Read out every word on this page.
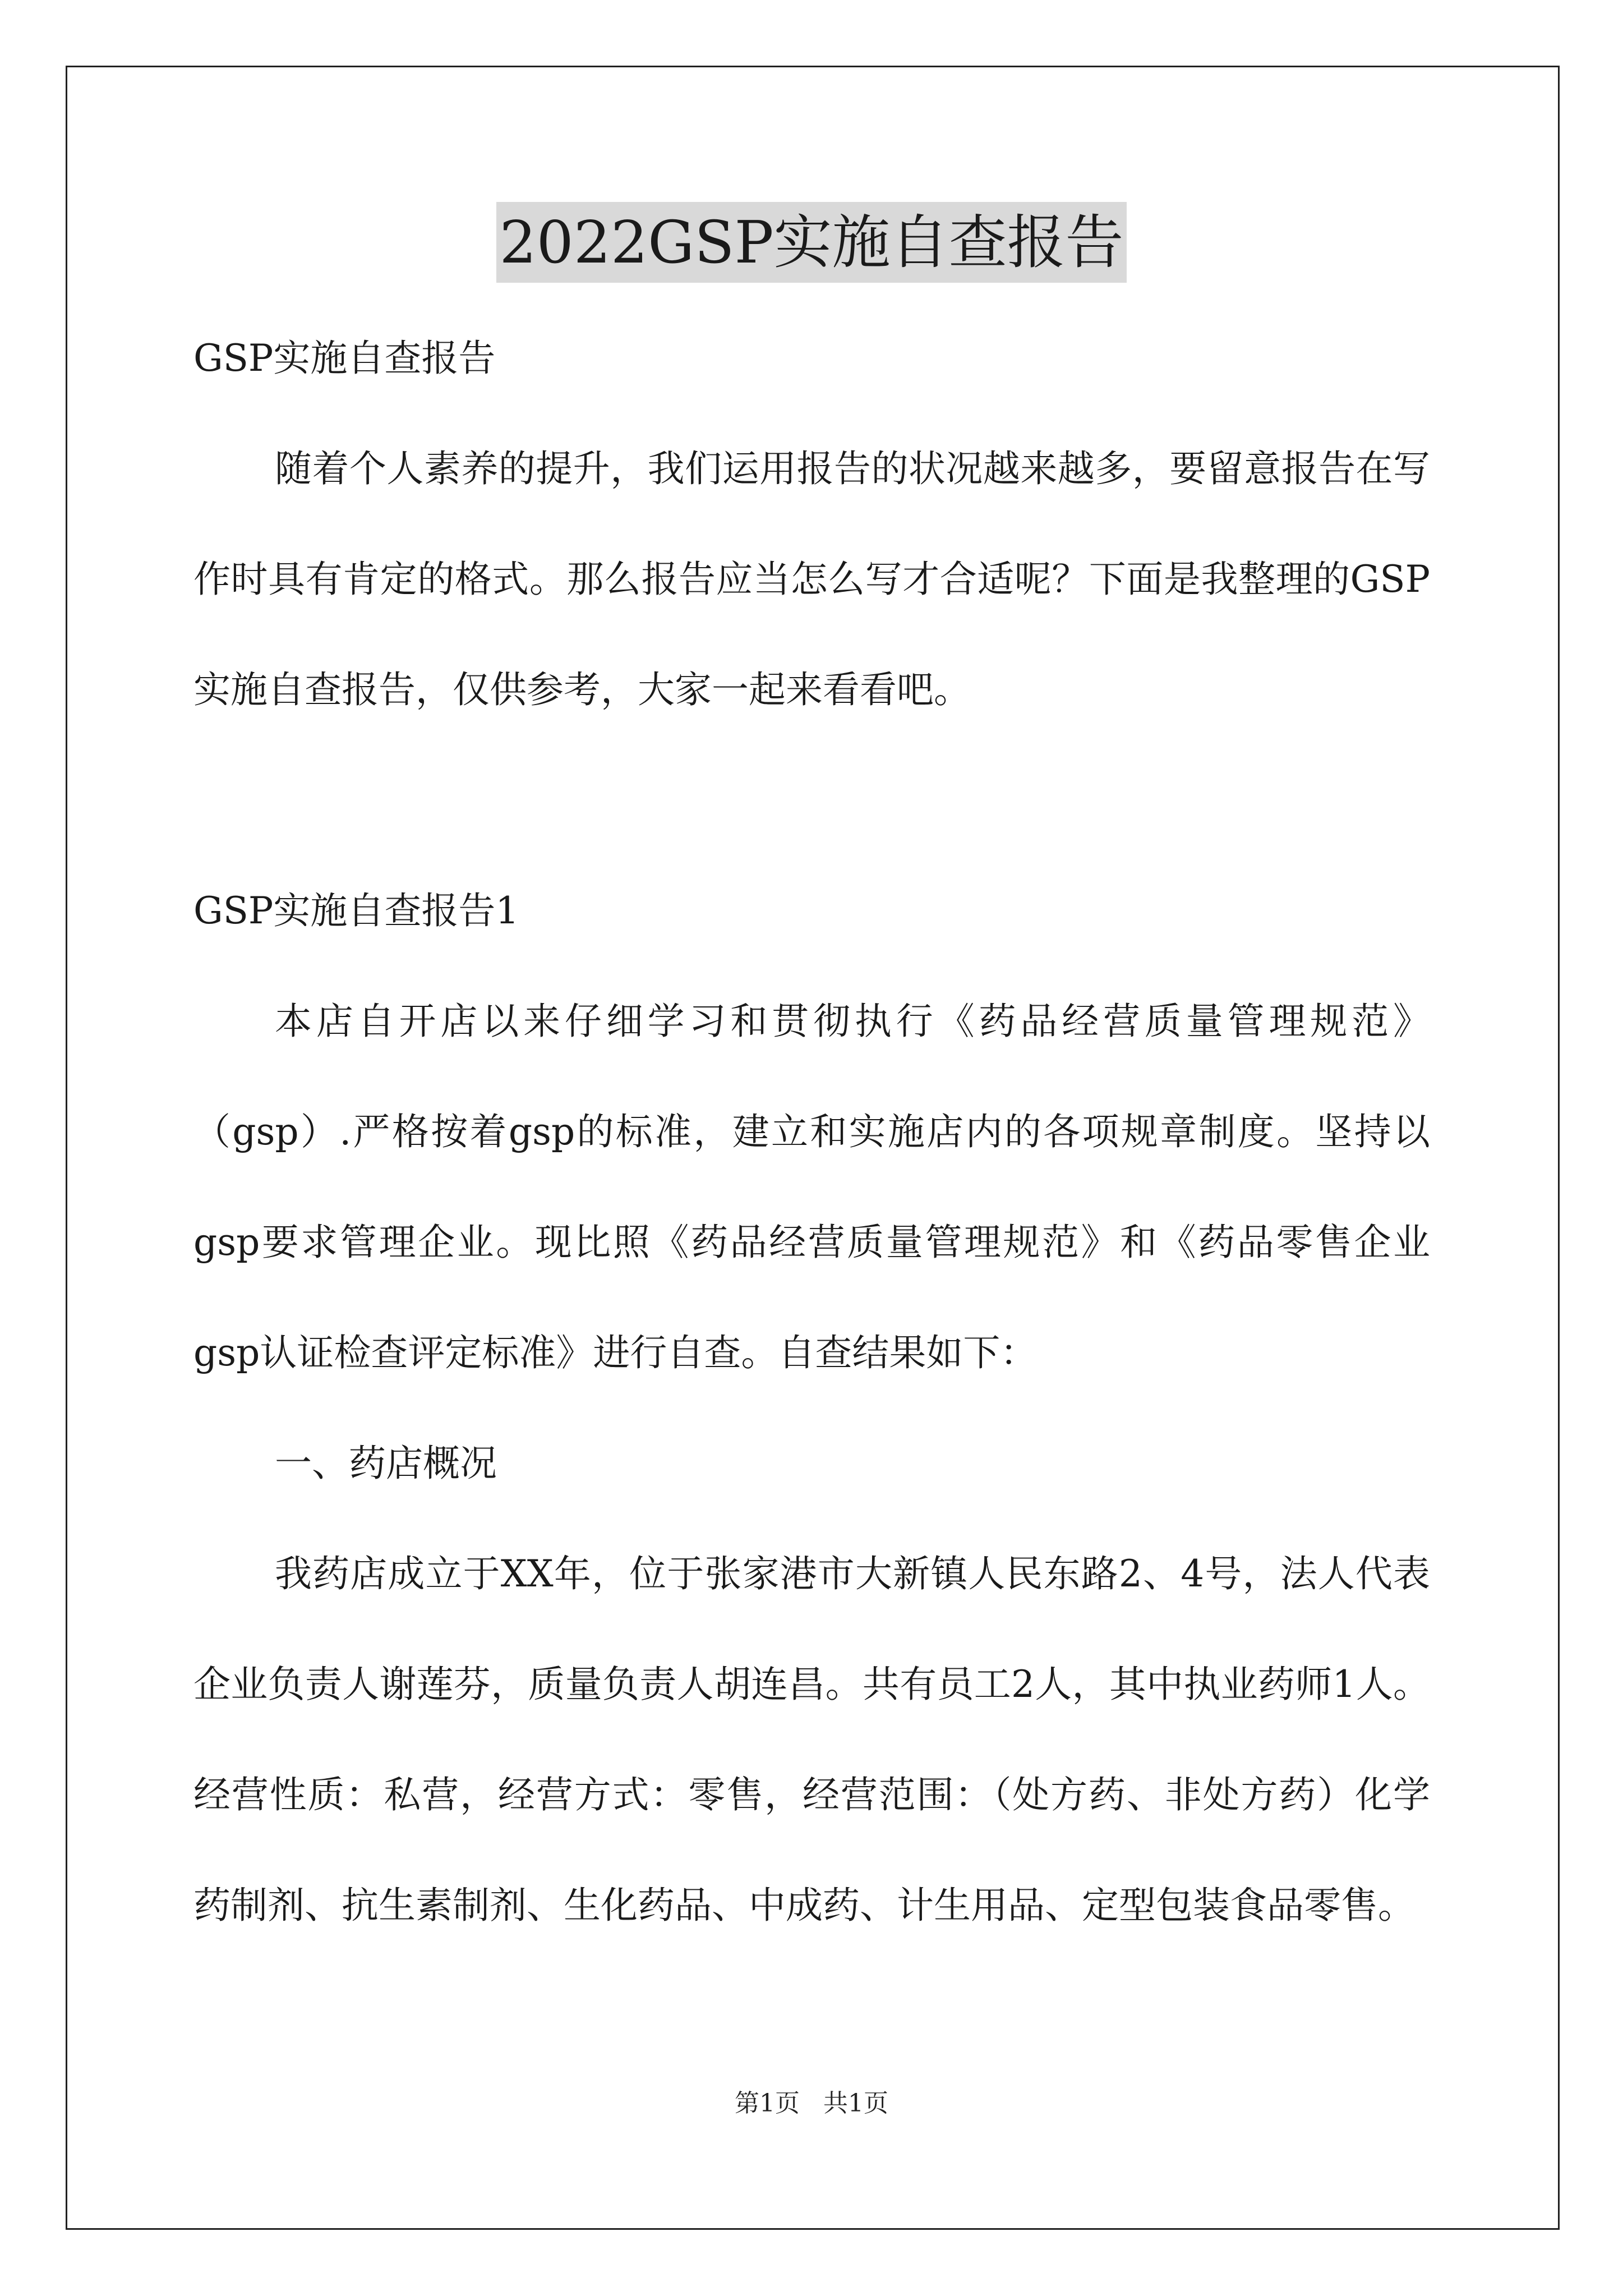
2022GSP实施自查报告

GSP实施自查报告

随着个人素养的提升，我们运用报告的状况越来越多，要留意报告在写作时具有肯定的格式。那么报告应当怎么写才合适呢？下面是我整理的GSP实施自查报告，仅供参考，大家一起来看看吧。

GSP实施自查报告1

本店自开店以来仔细学习和贯彻执行《药品经营质量管理规范》（gsp）.严格按着gsp的标准，建立和实施店内的各项规章制度。坚持以gsp要求管理企业。现比照《药品经营质量管理规范》和《药品零售企业gsp认证检查评定标准》进行自查。自查结果如下：

一、药店概况

我药店成立于XX年，位于张家港市大新镇人民东路2、4号，法人代表企业负责人谢莲芬，质量负责人胡连昌。共有员工2人，其中执业药师1人。经营性质：私营，经营方式：零售，经营范围：（处方药、非处方药）化学药制剂、抗生素制剂、生化药品、中成药、计生用品、定型包装食品零售。

第1页 共1页
